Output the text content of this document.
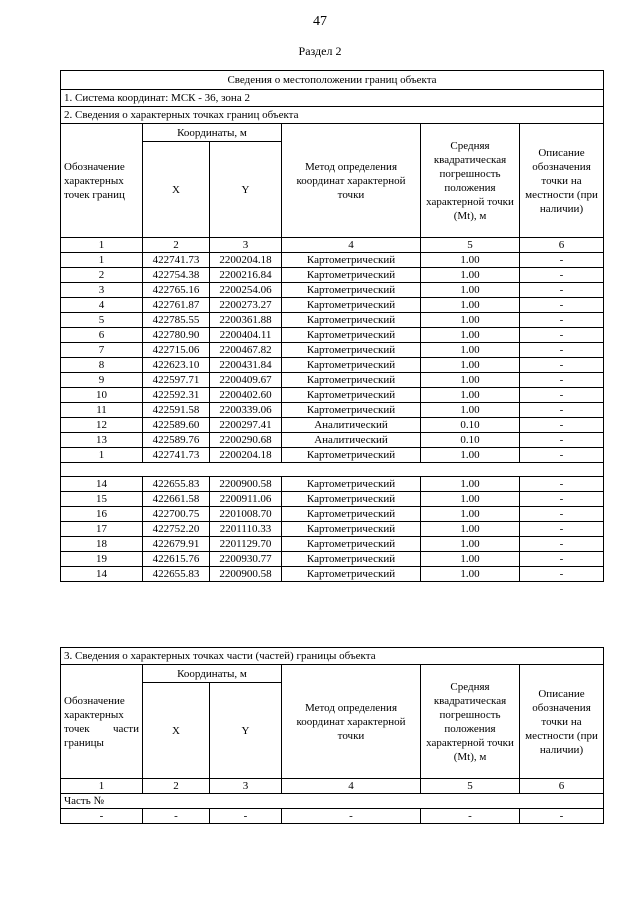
47
Раздел 2
Сведения о местоположении границ объекта					
1. Система координат: МСК - 36, зона 2					
2. Сведения о характерных точках границ объекта					
Обозначение характерных точек границ	Координаты, м		Метод определения координат характерной точки	Средняя квадратическая погрешность положения характерной точки (Mt), м	Описание обозначения точки на местности (при наличии)
	X	Y			
1	2	3	4	5	6
1	422741.73	2200204.18	Картометрический	1.00	-
2	422754.38	2200216.84	Картометрический	1.00	-
3	422765.16	2200254.06	Картометрический	1.00	-
4	422761.87	2200273.27	Картометрический	1.00	-
5	422785.55	2200361.88	Картометрический	1.00	-
6	422780.90	2200404.11	Картометрический	1.00	-
7	422715.06	2200467.82	Картометрический	1.00	-
8	422623.10	2200431.84	Картометрический	1.00	-
9	422597.71	2200409.67	Картометрический	1.00	-
10	422592.31	2200402.60	Картометрический	1.00	-
11	422591.58	2200339.06	Картометрический	1.00	-
12	422589.60	2200297.41	Аналитический	0.10	-
13	422589.76	2200290.68	Аналитический	0.10	-
1	422741.73	2200204.18	Картометрический	1.00	-

14	422655.83	2200900.58	Картометрический	1.00	-
15	422661.58	2200911.06	Картометрический	1.00	-
16	422700.75	2201008.70	Картометрический	1.00	-
17	422752.20	2201110.33	Картометрический	1.00	-
18	422679.91	2201129.70	Картометрический	1.00	-
19	422615.76	2200930.77	Картометрический	1.00	-
14	422655.83	2200900.58	Картометрический	1.00	-
3. Сведения о характерных точках части (частей) границы объекта					
Обозначение характерных точек части границы	Координаты, м		Метод определения координат характерной точки	Средняя квадратическая погрешность положения характерной точки (Mt), м	Описание обозначения точки на местности (при наличии)
	X	Y			
1	2	3	4	5	6
Часть №					
-	-	-	-	-	-
